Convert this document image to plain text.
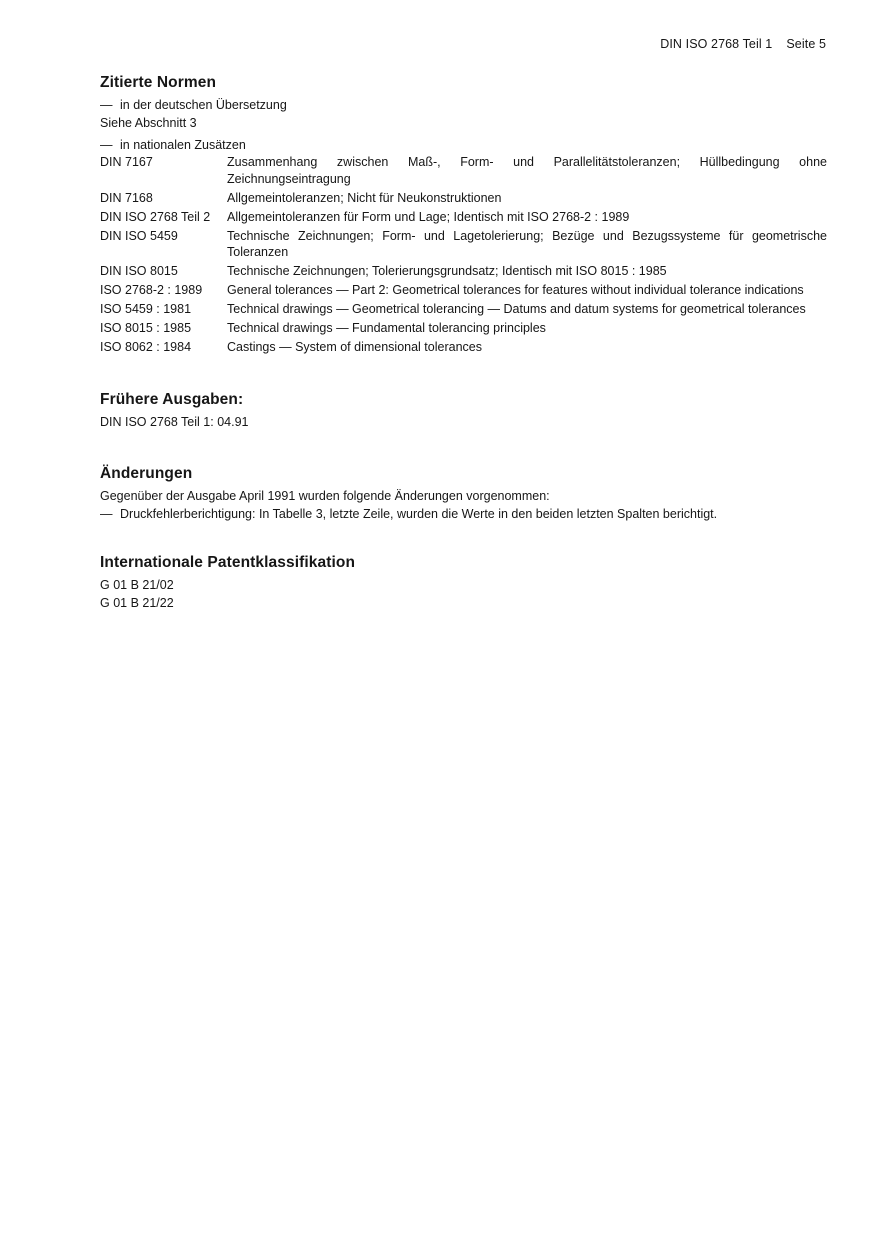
DIN ISO 2768 Teil 1 Seite 5
Zitierte Normen
— in der deutschen Übersetzung
Siehe Abschnitt 3
— in nationalen Zusätzen
DIN 7167	Zusammenhang zwischen Maß-, Form- und Parallelitätstoleranzen; Hüllbedingung ohne Zeichnungseintragung
DIN 7168	Allgemeintoleranzen; Nicht für Neukonstruktionen
DIN ISO 2768 Teil 2	Allgemeintoleranzen für Form und Lage; Identisch mit ISO 2768-2 : 1989
DIN ISO 5459	Technische Zeichnungen; Form- und Lagetolerierung; Bezüge und Bezugssysteme für geometrische Toleranzen
DIN ISO 8015	Technische Zeichnungen; Tolerierungsgrundsatz; Identisch mit ISO 8015 : 1985
ISO 2768-2 : 1989	General tolerances — Part 2: Geometrical tolerances for features without individual tolerance indications
ISO 5459 : 1981	Technical drawings — Geometrical tolerancing — Datums and datum systems for geometrical tolerances
ISO 8015 : 1985	Technical drawings — Fundamental tolerancing principles
ISO 8062 : 1984	Castings — System of dimensional tolerances
Frühere Ausgaben:
DIN ISO 2768 Teil 1: 04.91
Änderungen
Gegenüber der Ausgabe April 1991 wurden folgende Änderungen vorgenommen:
— Druckfehlerberichtigung: In Tabelle 3, letzte Zeile, wurden die Werte in den beiden letzten Spalten berichtigt.
Internationale Patentklassifikation
G 01 B 21/02
G 01 B 21/22
